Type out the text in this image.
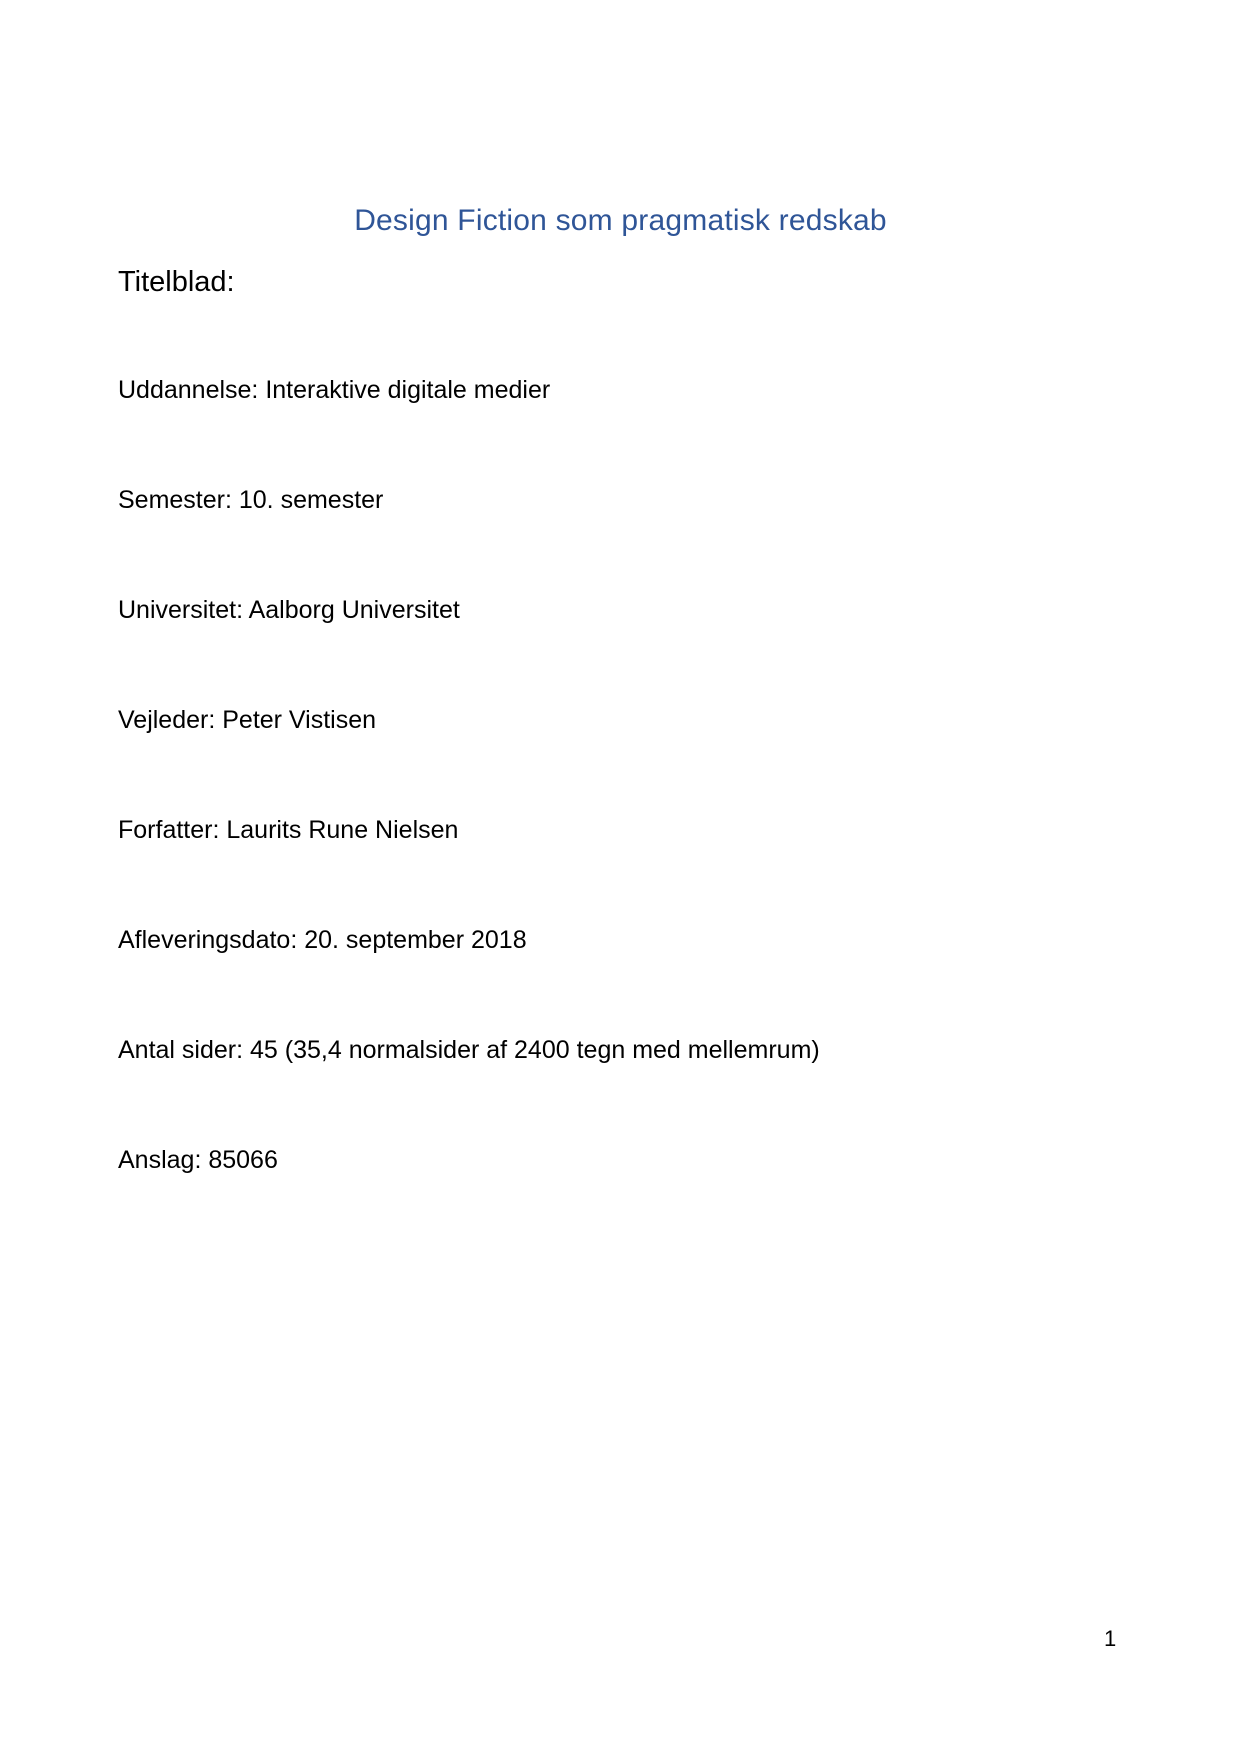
Design Fiction som pragmatisk redskab
Titelblad:
Uddannelse: Interaktive digitale medier
Semester: 10. semester
Universitet: Aalborg Universitet
Vejleder: Peter Vistisen
Forfatter: Laurits Rune Nielsen
Afleveringsdato: 20. september 2018
Antal sider: 45 (35,4 normalsider af 2400 tegn med mellemrum)
Anslag: 85066
1
